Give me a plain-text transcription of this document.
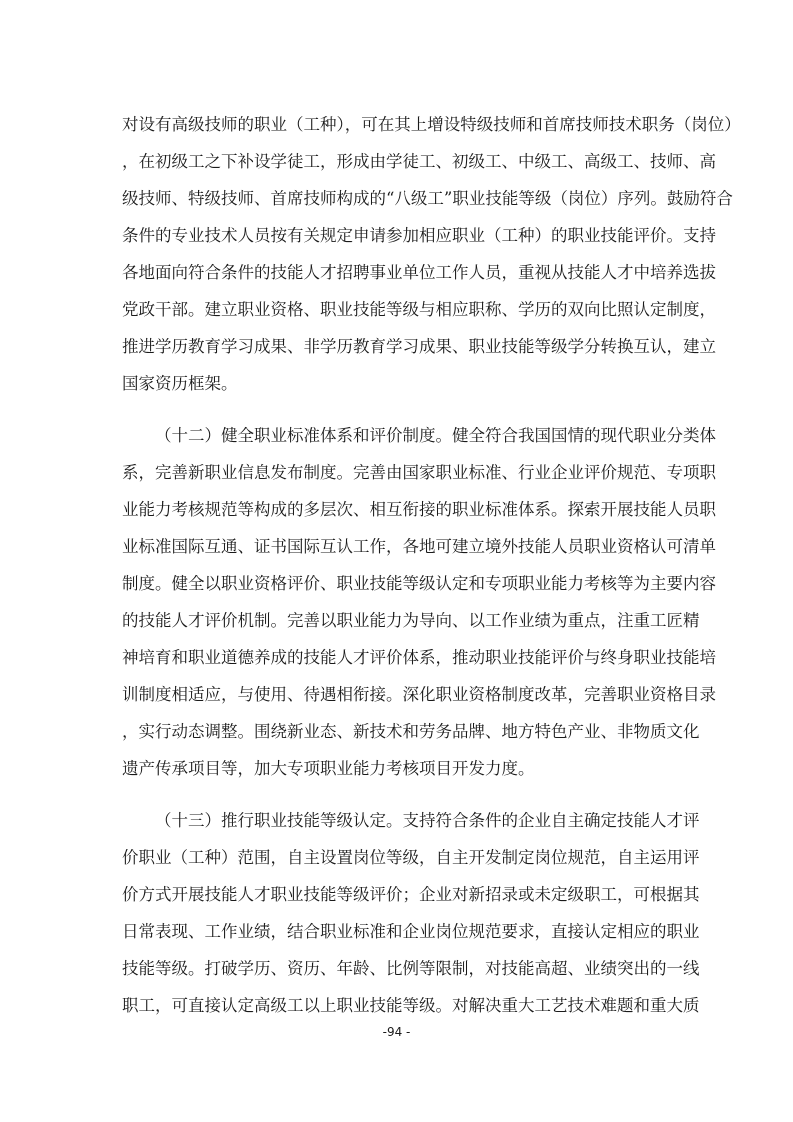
对设有高级技师的职业（工种），可在其上增设特级技师和首席技师技术职务（岗位）
，在初级工之下补设学徒工，形成由学徒工、初级工、中级工、高级工、技师、高
级技师、特级技师、首席技师构成的“八级工”职业技能等级（岗位）序列。鼓励符合
条件的专业技术人员按有关规定申请参加相应职业（工种）的职业技能评价。支持
各地面向符合条件的技能人才招聘事业单位工作人员，重视从技能人才中培养选拔
党政干部。建立职业资格、职业技能等级与相应职称、学历的双向比照认定制度，
推进学历教育学习成果、非学历教育学习成果、职业技能等级学分转换互认，建立
国家资历框架。
（十二）健全职业标准体系和评价制度。健全符合我国国情的现代职业分类体
系，完善新职业信息发布制度。完善由国家职业标准、行业企业评价规范、专项职
业能力考核规范等构成的多层次、相互衔接的职业标准体系。探索开展技能人员职
业标准国际互通、证书国际互认工作，各地可建立境外技能人员职业资格认可清单
制度。健全以职业资格评价、职业技能等级认定和专项职业能力考核等为主要内容
的技能人才评价机制。完善以职业能力为导向、以工作业绩为重点，注重工匠精
神培育和职业道德养成的技能人才评价体系，推动职业技能评价与终身职业技能培
训制度相适应，与使用、待遇相衔接。深化职业资格制度改革，完善职业资格目录
，实行动态调整。围绕新业态、新技术和劳务品牌、地方特色产业、非物质文化
遗产传承项目等，加大专项职业能力考核项目开发力度。
（十三）推行职业技能等级认定。支持符合条件的企业自主确定技能人才评
价职业（工种）范围，自主设置岗位等级，自主开发制定岗位规范，自主运用评
价方式开展技能人才职业技能等级评价；企业对新招录或未定级职工，可根据其
日常表现、工作业绩，结合职业标准和企业岗位规范要求，直接认定相应的职业
技能等级。打破学历、资历、年龄、比例等限制，对技能高超、业绩突出的一线
职工，可直接认定高级工以上职业技能等级。对解决重大工艺技术难题和重大质
-94 -
